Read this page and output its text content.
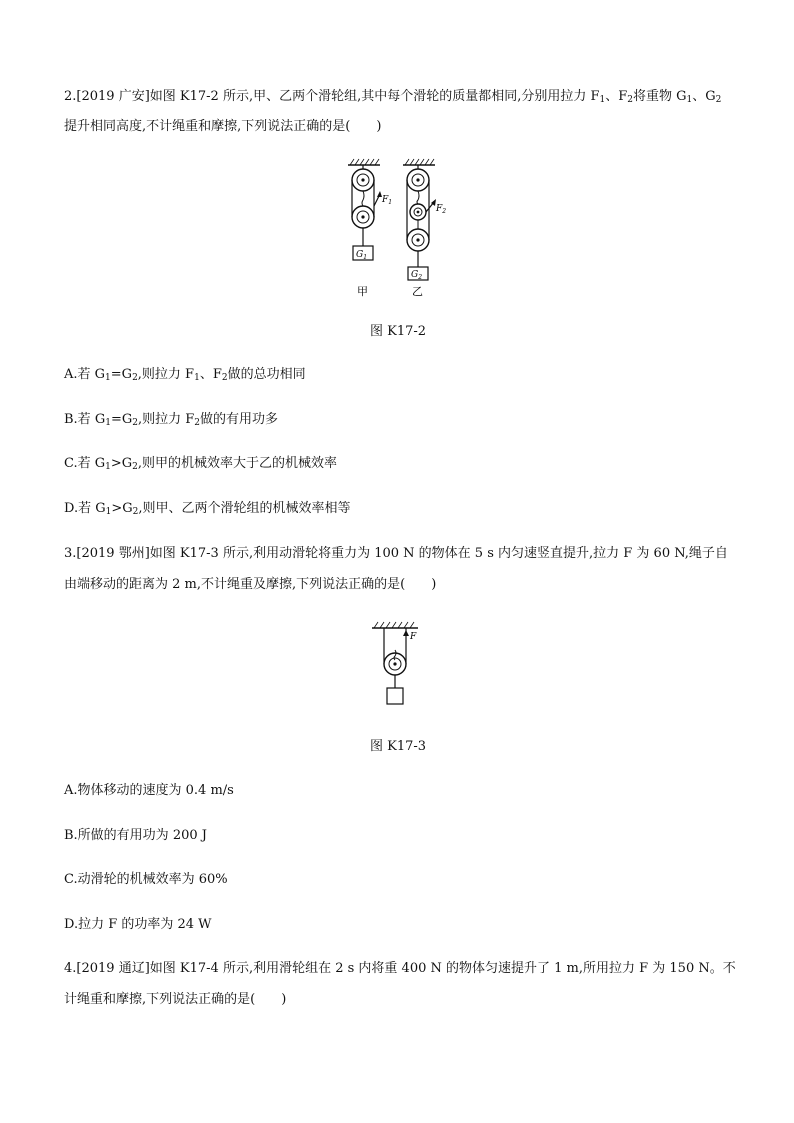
2.[2019 广安]如图 K17-2 所示,甲、乙两个滑轮组,其中每个滑轮的质量都相同,分别用拉力 $F_1$、$F_2$将重物 $G_1$、$G_2$
提升相同高度,不计绳重和摩擦,下列说法正确的是(　　)
$F_1$
$G_1$
甲
$F_2$
$G_2$
乙
图 K17-2
A.若 $G_1=G_2$,则拉力 $F_1$、$F_2$做的总功相同
B.若 $G_1=G_2$,则拉力 $F_2$做的有用功多
C.若 $G_1>G_2$,则甲的机械效率大于乙的机械效率
D.若 $G_1>G_2$,则甲、乙两个滑轮组的机械效率相等
3.[2019 鄂州]如图 K17-3 所示,利用动滑轮将重力为 100 N 的物体在 5 s 内匀速竖直提升,拉力 F 为 60 N,绳子自
由端移动的距离为 2 m,不计绳重及摩擦,下列说法正确的是(　　)
F
图 K17-3
A.物体移动的速度为 0.4 m/s
B.所做的有用功为 200 J
C.动滑轮的机械效率为 60%
D.拉力 F 的功率为 24 W
4.[2019 通辽]如图 K17-4 所示,利用滑轮组在 2 s 内将重 400 N 的物体匀速提升了 1 m,所用拉力 F 为 150 N。不
计绳重和摩擦,下列说法正确的是(　　)
